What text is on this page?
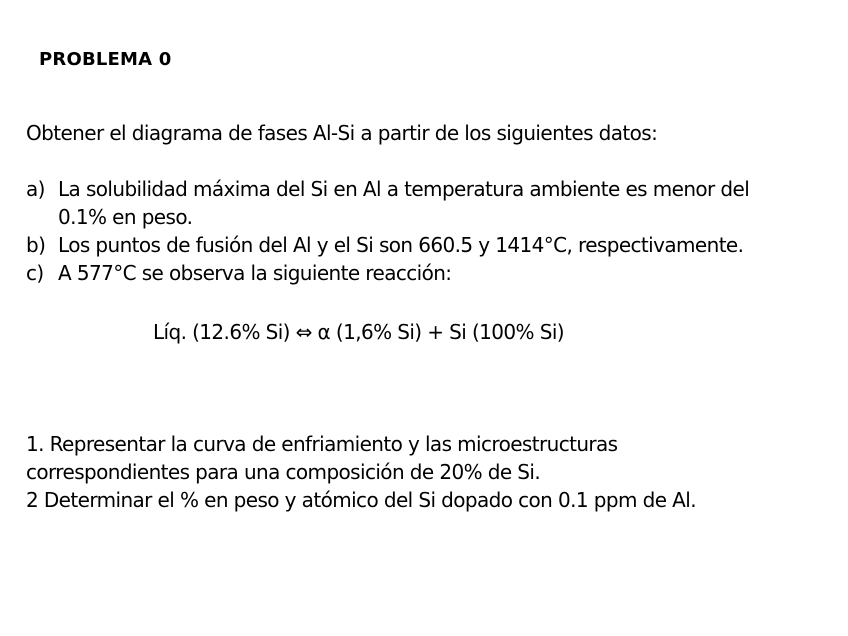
PROBLEMA 0
Obtener el diagrama de fases Al-Si a partir de los siguientes datos:
a) La solubilidad máxima del Si en Al a temperatura ambiente es menor del
0.1% en peso.
b) Los puntos de fusión del Al y el Si son 660.5 y 1414°C, respectivamente.
c) A 577°C se observa la siguiente reacción:
Líq. (12.6% Si) ⇔ α (1,6% Si) + Si (100% Si)
1. Representar la curva de enfriamiento y las microestructuras
correspondientes para una composición de 20% de Si.
2 Determinar el % en peso y atómico del Si dopado con 0.1 ppm de Al.
